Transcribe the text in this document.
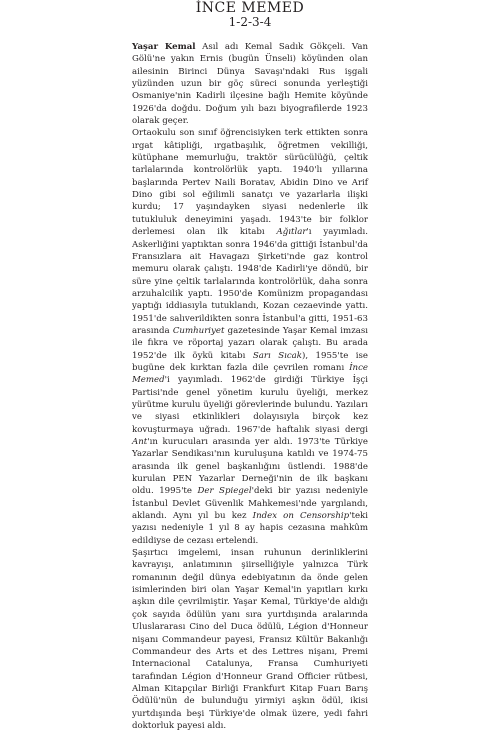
İNCE MEMED
1-2-3-4

Yaşar Kemal Asıl adı Kemal Sadık Gökçeli. Van Gölü'ne yakın Ernis (bugün Ünseli) köyünden olan ailesinin Birinci Dünya Savaşı'ndaki Rus işgali yüzünden uzun bir göç süreci sonunda yerleştiği Osmaniye'nin Kadirli ilçesine bağlı Hemite köyünde 1926'da doğdu. Doğum yılı bazı biyografilerde 1923 olarak geçer.

Ortaokulu son sınıf öğrencisiyken terk ettikten sonra ırgat kâtipliği, ırgatbaşılık, öğretmen vekilliği, kütüphane memurluğu, traktör sürücülüğü, çeltik tarlalarında kontrolörlük yaptı. 1940'lı yıllarına başlarında Pertev Naili Boratav, Abidin Dino ve Arif Dino gibi sol eğilimli sanatçı ve yazarlarla ilişki kurdu; 17 yaşındayken siyasi nedenlerle ilk tutukluluk deneyimini yaşadı. 1943'te bir folklor derlemesi olan ilk kitabı Ağıtlar'ı yayımladı. Askerliğini yaptıktan sonra 1946'da gittiği İstanbul'da Fransızlara ait Havagazı Şirketi'nde gaz kontrol memuru olarak çalıştı. 1948'de Kadirli'ye döndü, bir süre yine çeltik tarlalarında kontrolörlük, daha sonra arzuhalcilik yaptı. 1950'de Komünizm propagandası yaptığı iddiasıyla tutuklandı, Kozan cezaevinde yattı. 1951'de salıverildikten sonra İstanbul'a gitti, 1951-63 arasında Cumhuriyet gazetesinde Yaşar Kemal imzası ile fıkra ve röportaj yazarı olarak çalıştı. Bu arada 1952'de ilk öykü kitabı Sarı Sıcak), 1955'te ise bugüne dek kırktan fazla dile çevrilen romanı İnce Memed'i yayımladı. 1962'de girdiği Türkiye İşçi Partisi'nde genel yönetim kurulu üyeliği, merkez yürütme kurulu üyeliği görevlerinde bulundu. Yazıları ve siyasi etkinlikleri dolayısıyla birçok kez kovuşturmaya uğradı. 1967'de haftalık siyasi dergi Ant'ın kurucuları arasında yer aldı. 1973'te Türkiye Yazarlar Sendikası'nın kuruluşuna katıldı ve 1974-75 arasında ilk genel başkanlığını üstlendi. 1988'de kurulan PEN Yazarlar Derneği'nin de ilk başkanı oldu. 1995'te Der Spiegel'deki bir yazısı nedeniyle İstanbul Devlet Güvenlik Mahkemesi'nde yargılandı, aklandı. Aynı yıl bu kez Index on Censorship'teki yazısı nedeniyle 1 yıl 8 ay hapis cezasına mahkûm edildiyse de cezası ertelendi.

Şaşırtıcı imgelemi, insan ruhunun derinliklerini kavrayışı, anlatımının şiirselliğiyle yalnızca Türk romanının değil dünya edebiyatının da önde gelen isimlerinden biri olan Yaşar Kemal'in yapıtları kırkı aşkın dile çevrilmiştir. Yaşar Kemal, Türkiye'de aldığı çok sayıda ödülün yanı sıra yurtdışında aralarında Uluslararası Cino del Duca ödülü, Légion d'Honneur nişanı Commandeur payesi, Fransız Kültür Bakanlığı Commandeur des Arts et des Lettres nişanı, Premi Internacional Catalunya, Fransa Cumhuriyeti tarafından Légion d'Honneur Grand Officier rütbesi, Alman Kitapçılar Birliği Frankfurt Kitap Fuarı Barış Ödülü'nün de bulunduğu yirmiyi aşkın ödül, ikisi yurtdışında beşi Türkiye'de olmak üzere, yedi fahri doktorluk payesi aldı.
